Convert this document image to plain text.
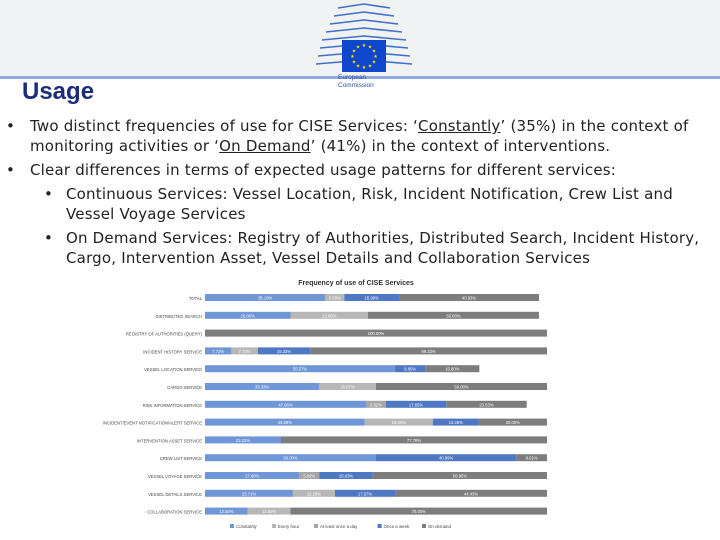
★ ★
★
★
★
★
★
★
★
★
★
★
European
Commission
Usage
• Two distinct frequencies of use for CISE Services: ‘Constantly’ (35%) in the context of monitoring activities or ‘On Demand’ (41%) in the context of interventions.
• Clear differences in terms of expected usage patterns for different services:
• Continuous Services: Vessel Location, Risk, Incident Notification, Crew List and Vessel Voyage Services
• On Demand Services: Registry of Authorities, Distributed Search, Incident History, Cargo, Intervention Asset, Vessel Details and Collaboration Services
Frequency of use of CISE Services
TOTAL	35.19%	5.56%	15.98%	40.93%
DISTRIBUTED SEARCH	25.00%	22.65%	50.00%
REGISTRY OF AUTHORITIES (QUERY)	100.00%
INCIDENT HISTORY SERVICE 7.72%	7.72%	15.33%	69.23%
VESSEL LOCATION SERVICE	55.57%	8.85%	15.80%
CARGO SERVICE	33.33%	16.67%	50.00%
RISK INFORMATION SERVICE	47.06%	5.82%	17.65%	23.53%
INCIDENT/EVENT NOTIFICATION/ALERT SERVICE	46.69%	19.93%	13.38%	20.00%
INTERVENTION ASSET SERVICE	22.22%	77.78%
CREW LIST SERVICE	50.00%	40.99%	9.01%
VESSEL VOYAGE SERVICE	27.60%	5.82%	15.63%	50.95%
VESSEL DETAILS SERVICE	25.71%	12.29%	17.57%	44.43%
COLLABORATION SERVICE	12.50%	12.50%	75.00%
Constantly	Every hour	At least once a day	Once a week	On demand
